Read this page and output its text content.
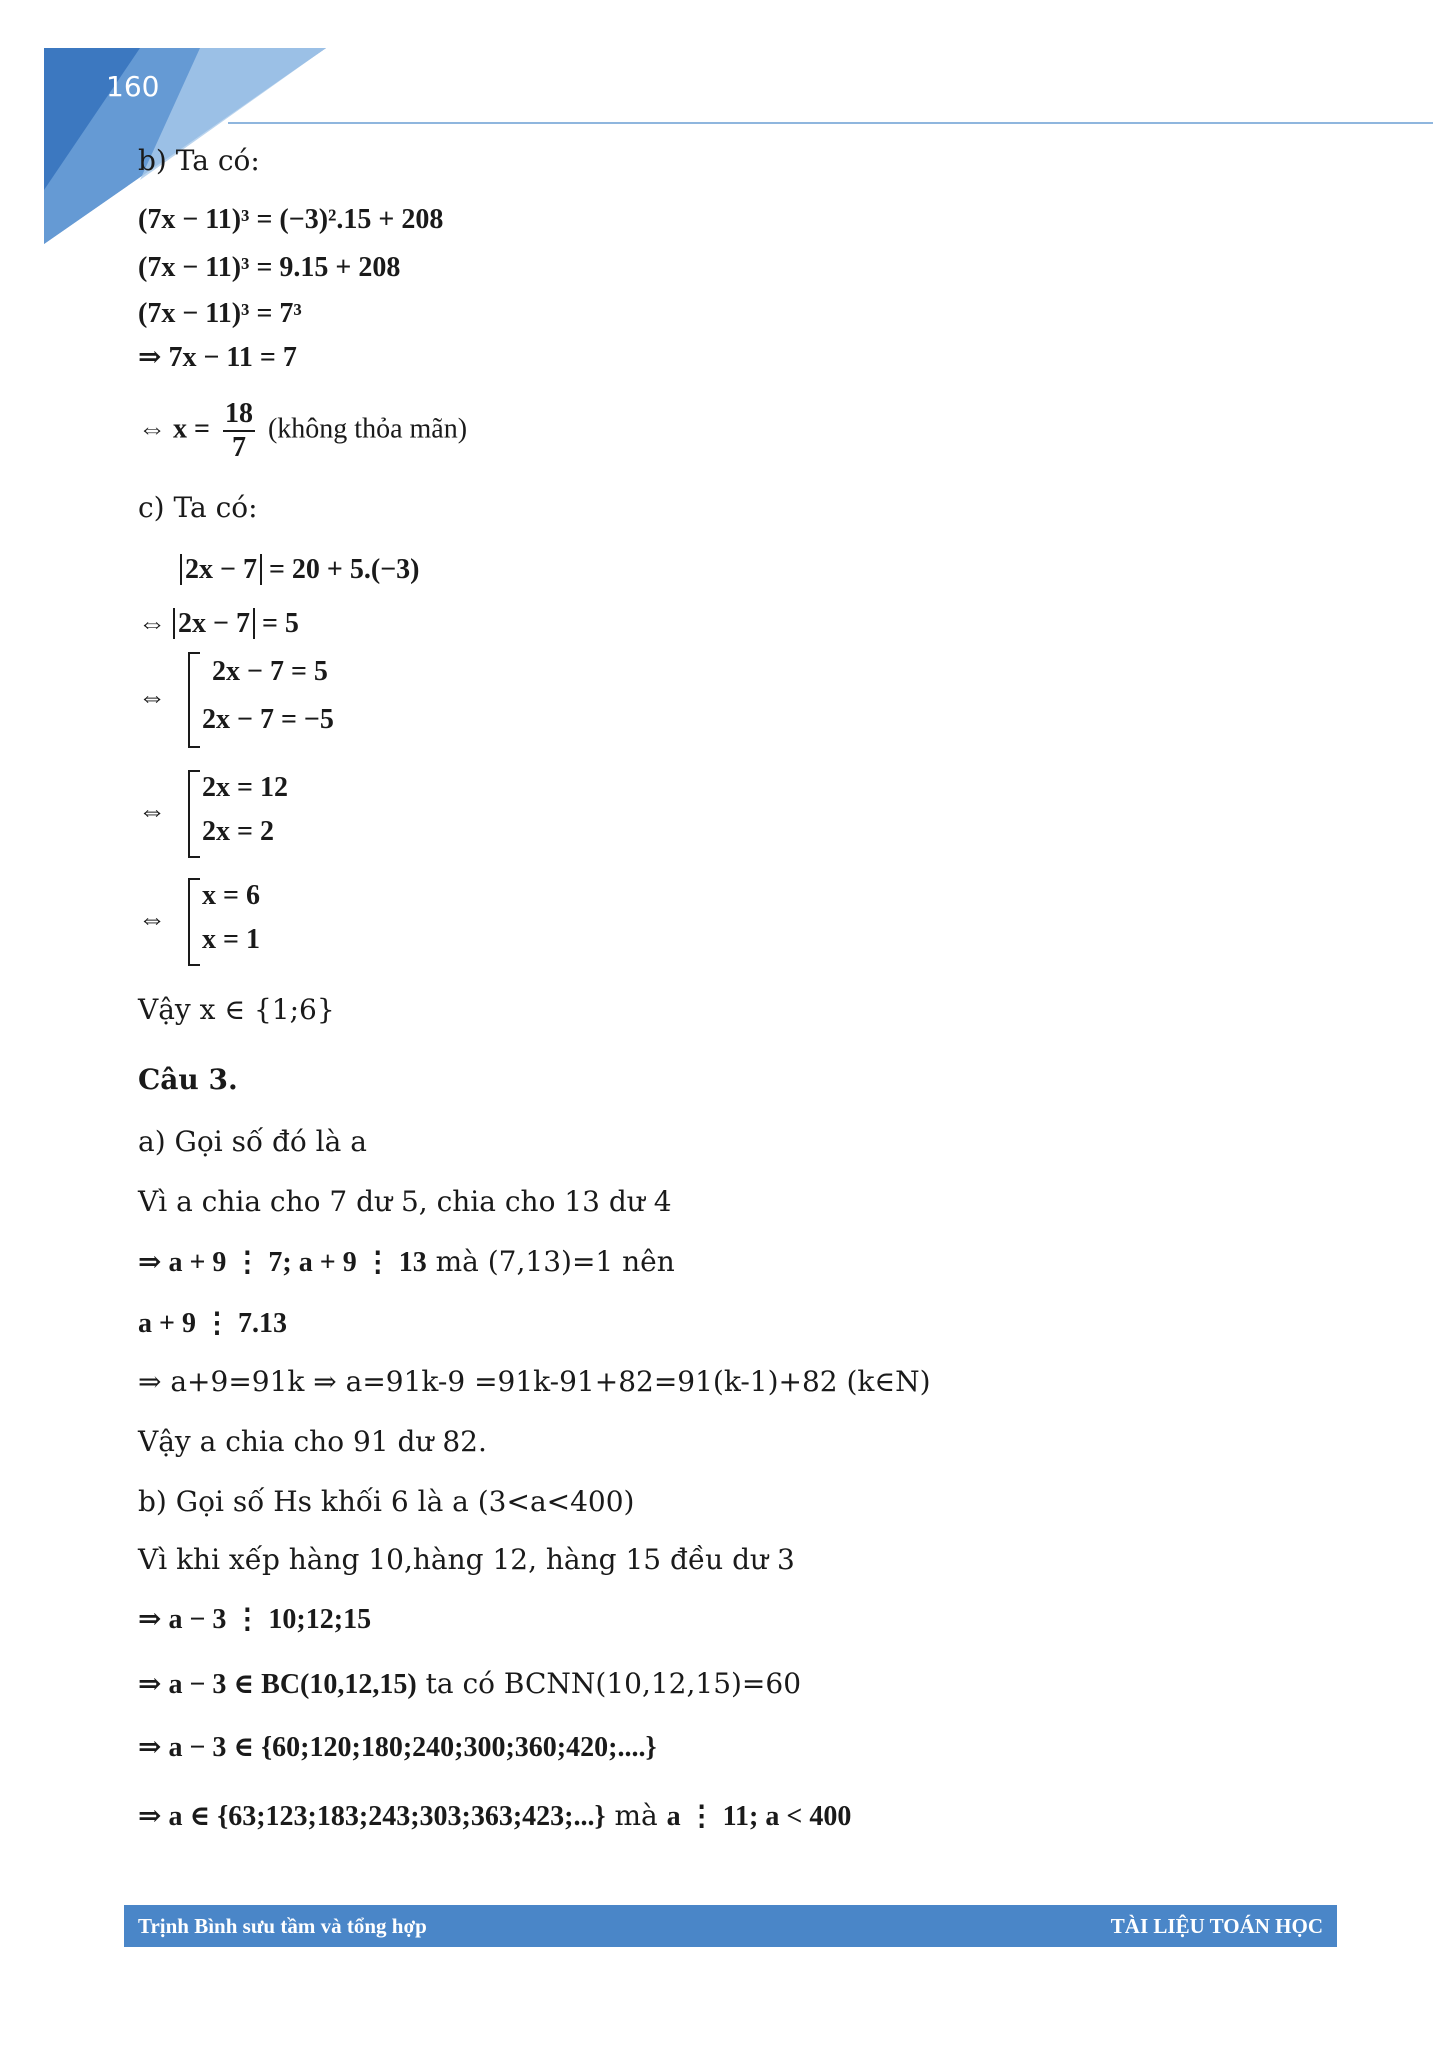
160
b) Ta có:
(7x − 11)³ = (−3)².15 + 208
(7x − 11)³ = 9.15 + 208
(7x − 11)³ = 7³
⇒ 7x − 11 = 7
⇔ $x = \frac{18}{7}$ (không thỏa mãn)
c) Ta có:
2x − 7 = 20 + 5.(−3)
⇔ 2x − 7 = 5
⇔
2x − 7 = 5
2x − 7 = −5
⇔
2x = 12
2x = 2
⇔
x = 6
x = 1
Vậy x ∈ {1;6}
Câu 3.
a) Gọi số đó là a
Vì a chia cho 7 dư 5, chia cho 13 dư 4
⇒ a + 9 ⋮ 7; a + 9 ⋮ 13 mà (7,13)=1 nên
a + 9 ⋮ 7.13
⇒ a+9=91k ⇒ a=91k-9 =91k-91+82=91(k-1)+82 (k∈N)
Vậy a chia cho 91 dư 82.
b) Gọi số Hs khối 6 là a (3<a<400)
Vì khi xếp hàng 10,hàng 12, hàng 15 đều dư 3
⇒ a − 3 ⋮ 10;12;15
⇒ a − 3 ∈ BC(10,12,15) ta có BCNN(10,12,15)=60
⇒ a − 3 ∈ {60;120;180;240;300;360;420;....}
⇒ a ∈ {63;123;183;243;303;363;423;...} mà a ⋮ 11; a < 400
Trịnh Bình sưu tầm và tổng hợp	TÀI LIỆU TOÁN HỌC
